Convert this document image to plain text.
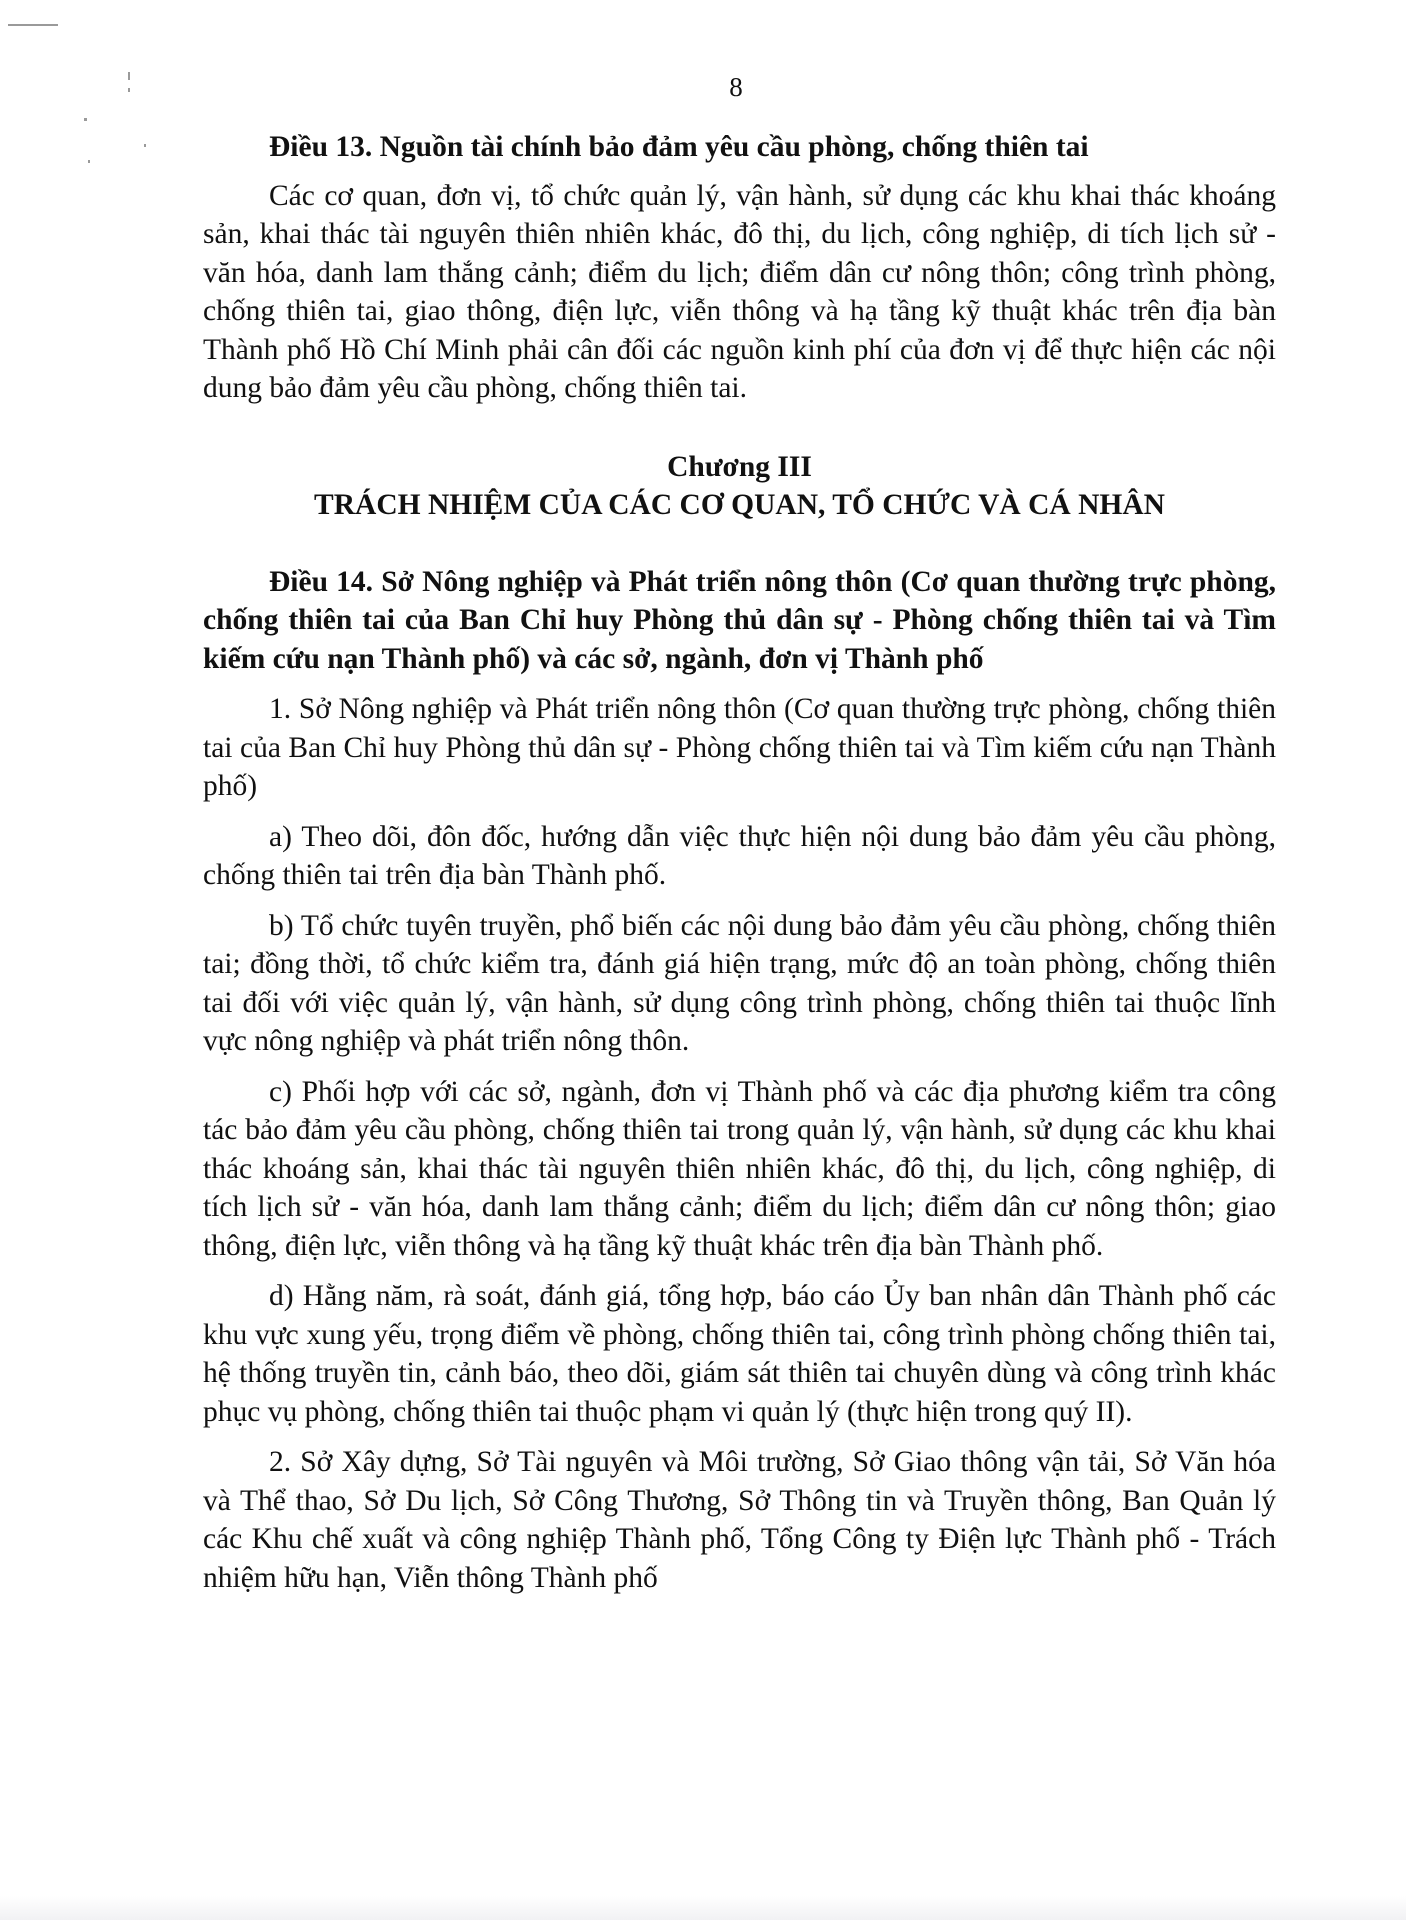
8

Điều 13. Nguồn tài chính bảo đảm yêu cầu phòng, chống thiên tai

Các cơ quan, đơn vị, tổ chức quản lý, vận hành, sử dụng các khu khai thác khoáng sản, khai thác tài nguyên thiên nhiên khác, đô thị, du lịch, công nghiệp, di tích lịch sử - văn hóa, danh lam thắng cảnh; điểm du lịch; điểm dân cư nông thôn; công trình phòng, chống thiên tai, giao thông, điện lực, viễn thông và hạ tầng kỹ thuật khác trên địa bàn Thành phố Hồ Chí Minh phải cân đối các nguồn kinh phí của đơn vị để thực hiện các nội dung bảo đảm yêu cầu phòng, chống thiên tai.

Chương III
TRÁCH NHIỆM CỦA CÁC CƠ QUAN, TỔ CHỨC VÀ CÁ NHÂN

Điều 14. Sở Nông nghiệp và Phát triển nông thôn (Cơ quan thường trực phòng, chống thiên tai của Ban Chỉ huy Phòng thủ dân sự - Phòng chống thiên tai và Tìm kiếm cứu nạn Thành phố) và các sở, ngành, đơn vị Thành phố

1. Sở Nông nghiệp và Phát triển nông thôn (Cơ quan thường trực phòng, chống thiên tai của Ban Chỉ huy Phòng thủ dân sự - Phòng chống thiên tai và Tìm kiếm cứu nạn Thành phố)

a) Theo dõi, đôn đốc, hướng dẫn việc thực hiện nội dung bảo đảm yêu cầu phòng, chống thiên tai trên địa bàn Thành phố.

b) Tổ chức tuyên truyền, phổ biến các nội dung bảo đảm yêu cầu phòng, chống thiên tai; đồng thời, tổ chức kiểm tra, đánh giá hiện trạng, mức độ an toàn phòng, chống thiên tai đối với việc quản lý, vận hành, sử dụng công trình phòng, chống thiên tai thuộc lĩnh vực nông nghiệp và phát triển nông thôn.

c) Phối hợp với các sở, ngành, đơn vị Thành phố và các địa phương kiểm tra công tác bảo đảm yêu cầu phòng, chống thiên tai trong quản lý, vận hành, sử dụng các khu khai thác khoáng sản, khai thác tài nguyên thiên nhiên khác, đô thị, du lịch, công nghiệp, di tích lịch sử - văn hóa, danh lam thắng cảnh; điểm du lịch; điểm dân cư nông thôn; giao thông, điện lực, viễn thông và hạ tầng kỹ thuật khác trên địa bàn Thành phố.

d) Hằng năm, rà soát, đánh giá, tổng hợp, báo cáo Ủy ban nhân dân Thành phố các khu vực xung yếu, trọng điểm về phòng, chống thiên tai, công trình phòng chống thiên tai, hệ thống truyền tin, cảnh báo, theo dõi, giám sát thiên tai chuyên dùng và công trình khác phục vụ phòng, chống thiên tai thuộc phạm vi quản lý (thực hiện trong quý II).

2. Sở Xây dựng, Sở Tài nguyên và Môi trường, Sở Giao thông vận tải, Sở Văn hóa và Thể thao, Sở Du lịch, Sở Công Thương, Sở Thông tin và Truyền thông, Ban Quản lý các Khu chế xuất và công nghiệp Thành phố, Tổng Công ty Điện lực Thành phố - Trách nhiệm hữu hạn, Viễn thông Thành phố
